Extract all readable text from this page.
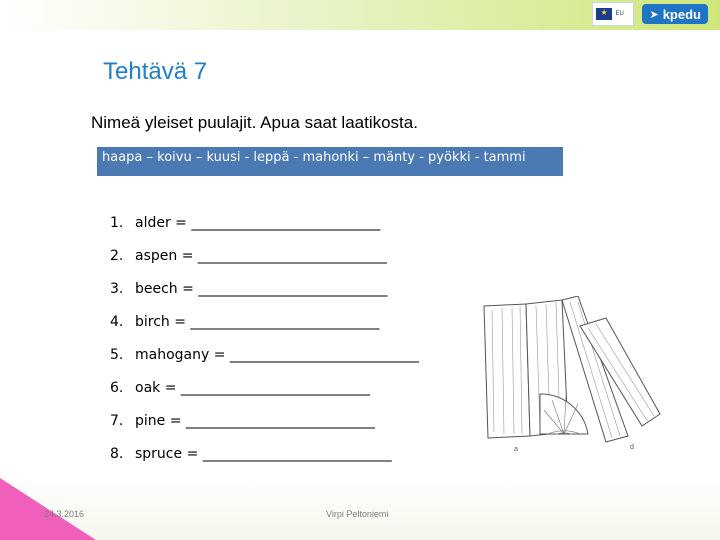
★
EU ➤ kpedu
Tehtävä 7

Nimeä yleiset puulajit. Apua saat laatikosta.

haapa – koivu – kuusi - leppä - mahonki – mänty - pyökki - tammi
1. alder = ___________________________
2. aspen = ___________________________
3. beech = ___________________________
4. birch = ___________________________
5. mahogany = ___________________________
6. oak = ___________________________
7. pine = ___________________________
8. spruce = ___________________________	a	d
24.3.2016	Virpi Peltoniemi
